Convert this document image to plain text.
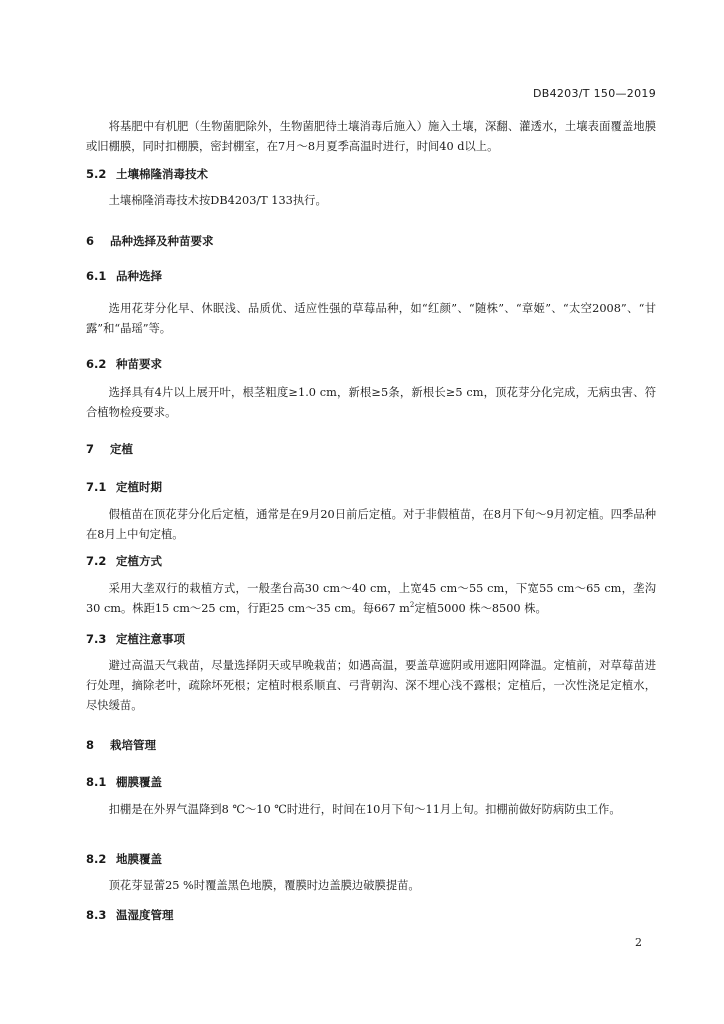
DB4203/T 150—2019

将基肥中有机肥（生物菌肥除外，生物菌肥待土壤消毒后施入）施入土壤，深翻、灌透水，土壤表面覆盖地膜或旧棚膜，同时扣棚膜，密封棚室，在7月～8月夏季高温时进行，时间40 d以上。

5.2 土壤棉隆消毒技术

土壤棉隆消毒技术按DB4203/T 133执行。

6 品种选择及种苗要求
6.1 品种选择

选用花芽分化早、休眠浅、品质优、适应性强的草莓品种，如“红颜”、“随株”、“章姬”、“太空2008”、“甘露”和“晶瑶”等。

6.2 种苗要求

选择具有4片以上展开叶，根茎粗度≥1.0 cm，新根≥5条，新根长≥5 cm，顶花芽分化完成，无病虫害、符合植物检疫要求。

7 定植
7.1 定植时期

假植苗在顶花芽分化后定植，通常是在9月20日前后定植。对于非假植苗，在8月下旬～9月初定植。四季品种在8月上中旬定植。

7.2 定植方式

采用大垄双行的栽植方式，一般垄台高30 cm～40 cm，上宽45 cm～55 cm，下宽55 cm～65 cm，垄沟30 cm。株距15 cm～25 cm，行距25 cm～35 cm。每667 $m^2$定植5000 株～8500 株。

7.3 定植注意事项

避过高温天气栽苗，尽量选择阴天或早晚栽苗；如遇高温，要盖草遮阴或用遮阳网降温。定植前，对草莓苗进行处理，摘除老叶，疏除坏死根；定植时根系顺直、弓背朝沟、深不埋心浅不露根；定植后，一次性浇足定植水，尽快缓苗。

8 栽培管理
8.1 棚膜覆盖

扣棚是在外界气温降到8 ℃～10 ℃时进行，时间在10月下旬～11月上旬。扣棚前做好防病防虫工作。

8.2 地膜覆盖

顶花芽显蕾25 %时覆盖黑色地膜，覆膜时边盖膜边破膜提苗。

8.3 温湿度管理
2
